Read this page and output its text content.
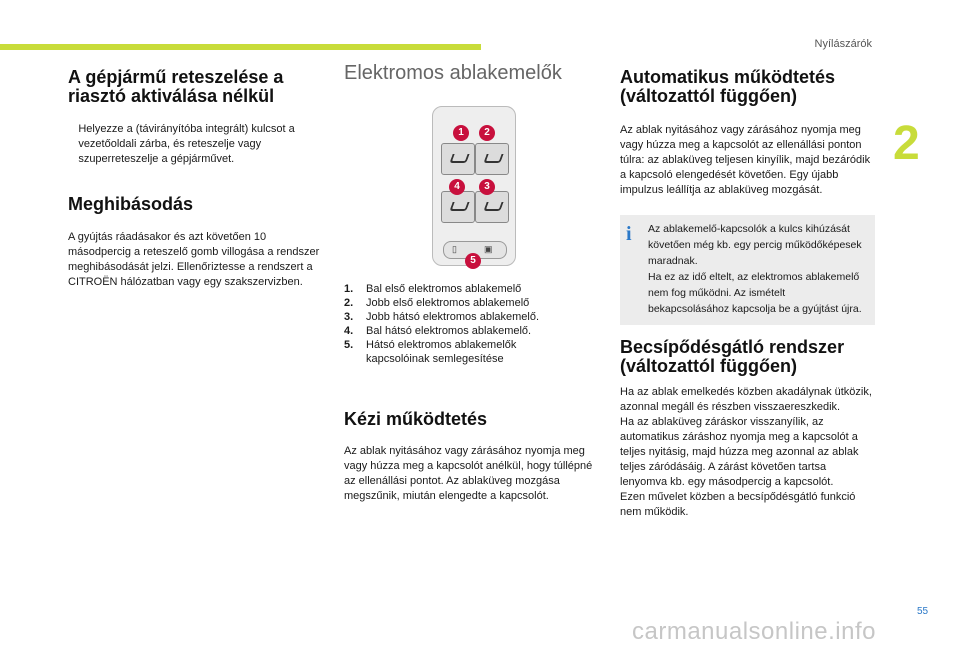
Nyílászárók
2
A gépjármű reteszelése a riasztó aktiválása nélkül

Helyezze a (távirányítóba integrált) kulcsot a vezetőoldali zárba, és reteszelje vagy szuperreteszelje a gépjárművet.

Meghibásodás

A gyújtás ráadásakor és azt követően 10 másodpercig a reteszelő gomb villogása a rendszer meghibásodását jelzi. Ellenőriztesse a rendszert a CITROËN hálózatban vagy egy szakszervizben.

Elektromos ablakemelők
▯	▣
1	2
4	3
5
1.	Bal első elektromos ablakemelő
2.	Jobb első elektromos ablakemelő
3.	Jobb hátsó elektromos ablakemelő.
4.	Bal hátsó elektromos ablakemelő.
5.	Hátsó elektromos ablakemelők kapcsolóinak semlegesítése
Kézi működtetés

Az ablak nyitásához vagy zárásához nyomja meg vagy húzza meg a kapcsolót anélkül, hogy túllépné az ellenállási pontot. Az ablaküveg mozgása megszűnik, miután elengedte a kapcsolót.

Automatikus működtetés (változattól függően)

Az ablak nyitásához vagy zárásához nyomja meg vagy húzza meg a kapcsolót az ellenállási ponton túlra: az ablaküveg teljesen kinyílik, majd bezáródik a kapcsoló elengedését követően. Egy újabb impulzus leállítja az ablaküveg mozgását.

i Az ablakemelő-kapcsolók a kulcs kihúzását követően még kb. egy percig működőképesek maradnak.

Ha ez az idő eltelt, az elektromos ablakemelő nem fog működni. Az ismételt bekapcsolásához kapcsolja be a gyújtást újra.

Becsípődésgátló rendszer (változattól függően)

Ha az ablak emelkedés közben akadálynak ütközik, azonnal megáll és részben visszaereszkedik.

Ha az ablaküveg záráskor visszanyílik, az automatikus záráshoz nyomja meg a kapcsolót a teljes nyitásig, majd húzza meg azonnal az ablak teljes záródásáig. A zárást követően tartsa lenyomva kb. egy másodpercig a kapcsolót.

Ezen művelet közben a becsípődésgátló funkció nem működik.

55
carmanualsonline.info
